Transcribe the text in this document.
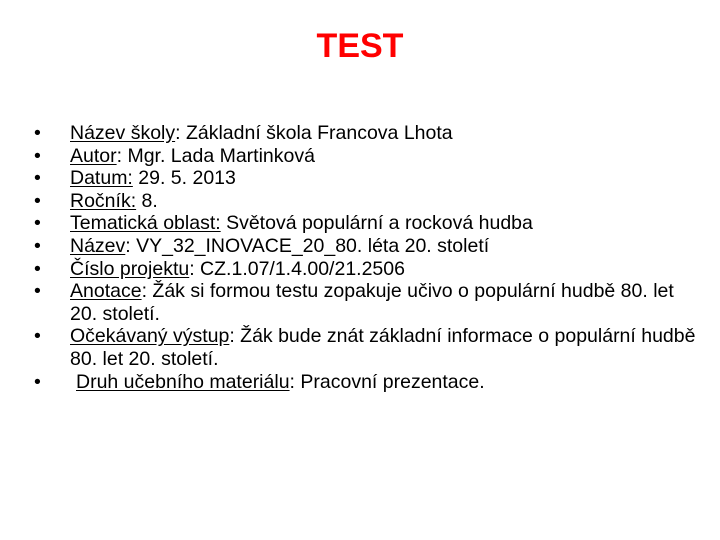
TEST
•	Název školy: Základní škola Francova Lhota
•	Autor: Mgr. Lada Martinková
•	Datum: 29. 5. 2013
•	Ročník: 8.
•	Tematická oblast: Světová populární a rocková hudba
•	Název: VY_32_INOVACE_20_80. léta 20. století
•	Číslo projektu: CZ.1.07/1.4.00/21.2506
•	Anotace: Žák si formou testu zopakuje učivo o populární hudbě 80. let 20. století.
•	Očekávaný výstup: Žák bude znát základní informace o populární hudbě 80. let 20. století.
•	Druh učebního materiálu: Pracovní prezentace.
